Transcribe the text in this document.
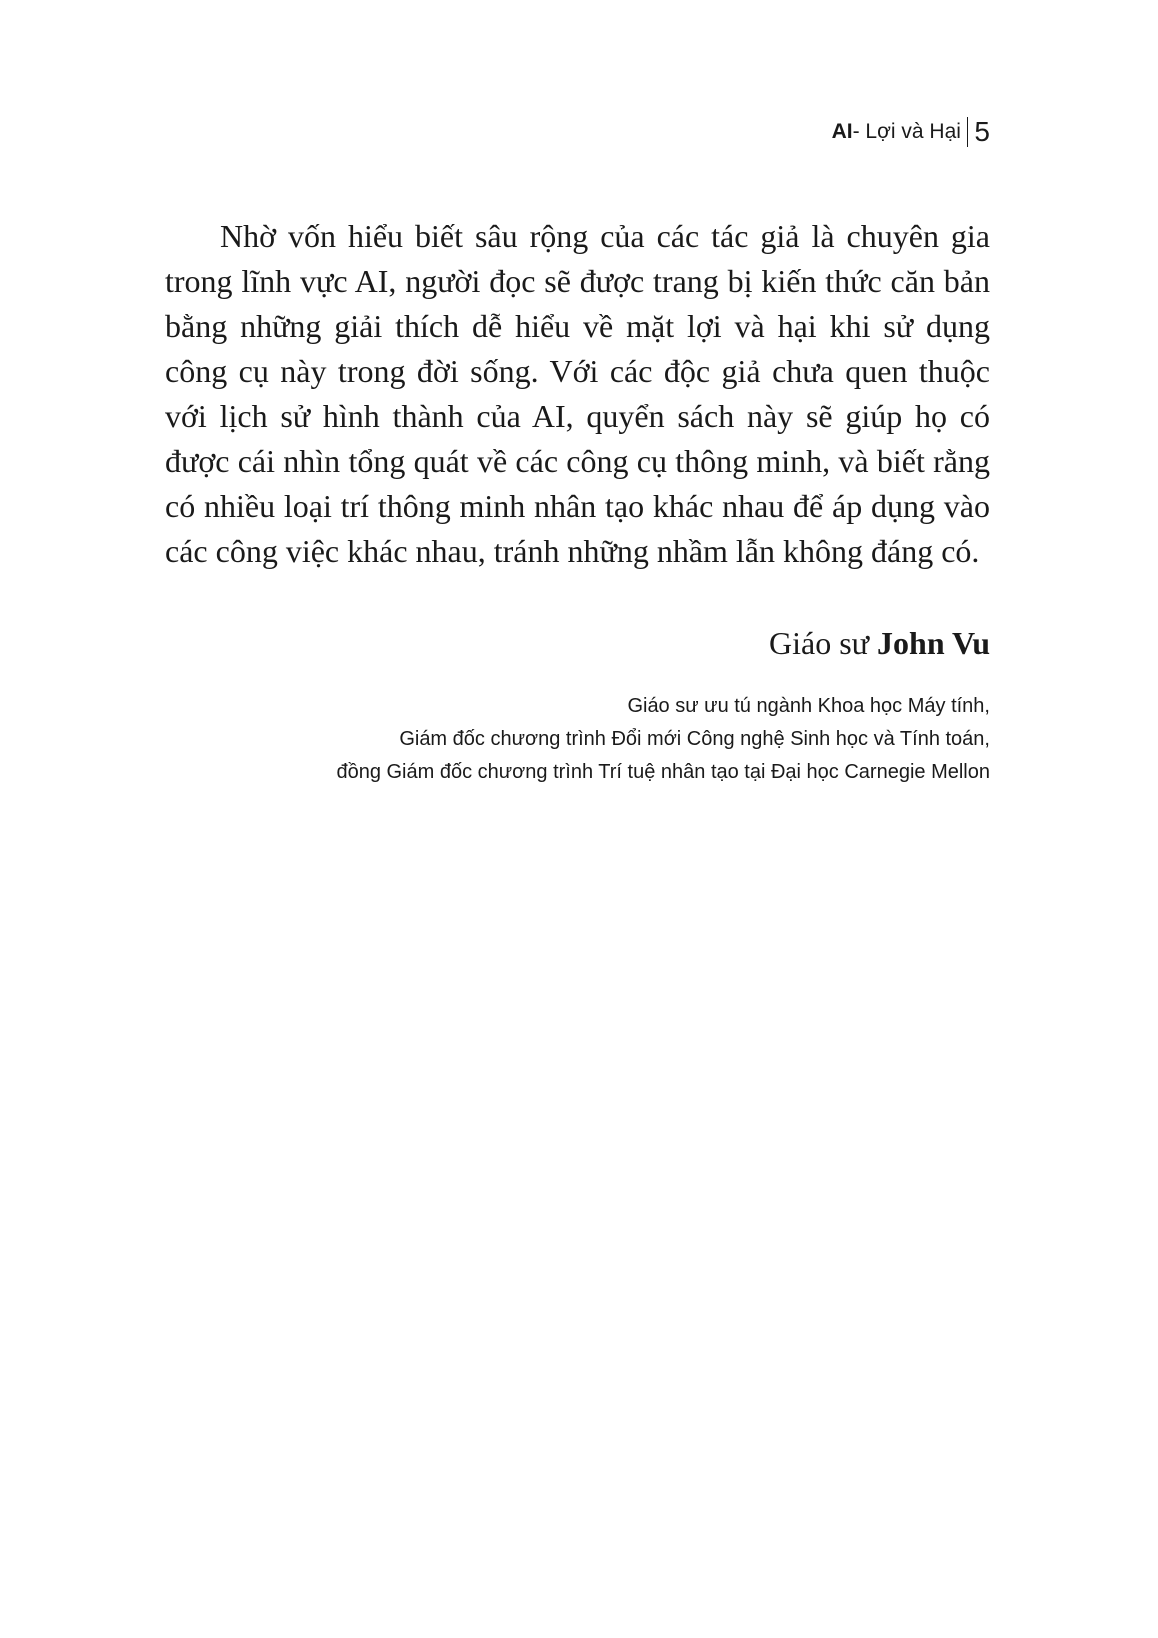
AI - Lợi và Hại 5

Nhờ vốn hiểu biết sâu rộng của các tác giả là chuyên gia trong lĩnh vực AI, người đọc sẽ được trang bị kiến thức căn bản bằng những giải thích dễ hiểu về mặt lợi và hại khi sử dụng công cụ này trong đời sống. Với các độc giả chưa quen thuộc với lịch sử hình thành của AI, quyển sách này sẽ giúp họ có được cái nhìn tổng quát về các công cụ thông minh, và biết rằng có nhiều loại trí thông minh nhân tạo khác nhau để áp dụng vào các công việc khác nhau, tránh những nhầm lẫn không đáng có.

Giáo sư John Vu
Giáo sư ưu tú ngành Khoa học Máy tính,
Giám đốc chương trình Đổi mới Công nghệ Sinh học và Tính toán,
đồng Giám đốc chương trình Trí tuệ nhân tạo tại Đại học Carnegie Mellon
